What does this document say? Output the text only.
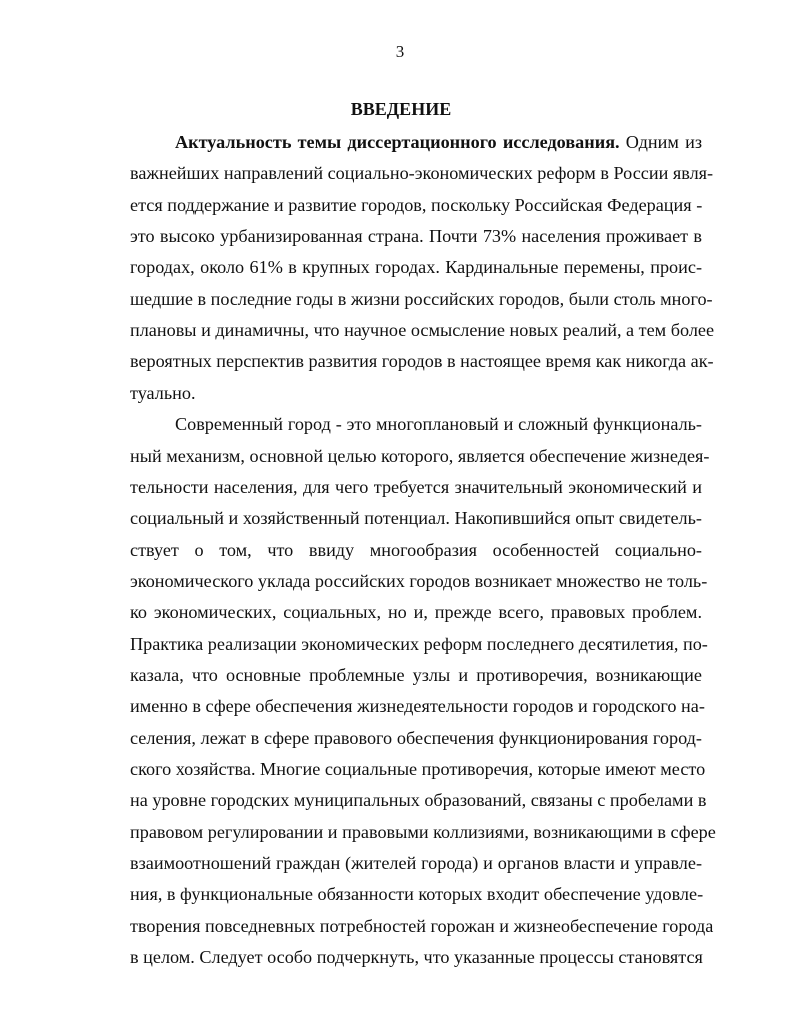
3
ВВЕДЕНИЕ
Актуальность темы диссертационного исследования. Одним из
важнейших направлений социально-экономических реформ в России явля-
ется поддержание и развитие городов, поскольку Российская Федерация -
это высоко урбанизированная страна. Почти 73% населения проживает в
городах, около 61% в крупных городах. Кардинальные перемены, проис-
шедшие в последние годы в жизни российских городов, были столь много-
плановы и динамичны, что научное осмысление новых реалий, а тем более
вероятных перспектив развития городов в настоящее время как никогда ак-
туально.
Современный город - это многоплановый и сложный функциональ-
ный механизм, основной целью которого, является обеспечение жизнедея-
тельности населения, для чего требуется значительный экономический и
социальный и хозяйственный потенциал. Накопившийся опыт свидетель-
ствует о том, что ввиду многообразия особенностей социально-
экономического уклада российских городов возникает множество не толь-
ко экономических, социальных, но и, прежде всего, правовых проблем.
Практика реализации экономических реформ последнего десятилетия, по-
казала, что основные проблемные узлы и противоречия, возникающие
именно в сфере обеспечения жизнедеятельности городов и городского на-
селения, лежат в сфере правового обеспечения функционирования город-
ского хозяйства. Многие социальные противоречия, которые имеют место
на уровне городских муниципальных образований, связаны с пробелами в
правовом регулировании и правовыми коллизиями, возникающими в сфере
взаимоотношений граждан (жителей города) и органов власти и управле-
ния, в функциональные обязанности которых входит обеспечение удовле-
творения повседневных потребностей горожан и жизнеобеспечение города
в целом. Следует особо подчеркнуть, что указанные процессы становятся
